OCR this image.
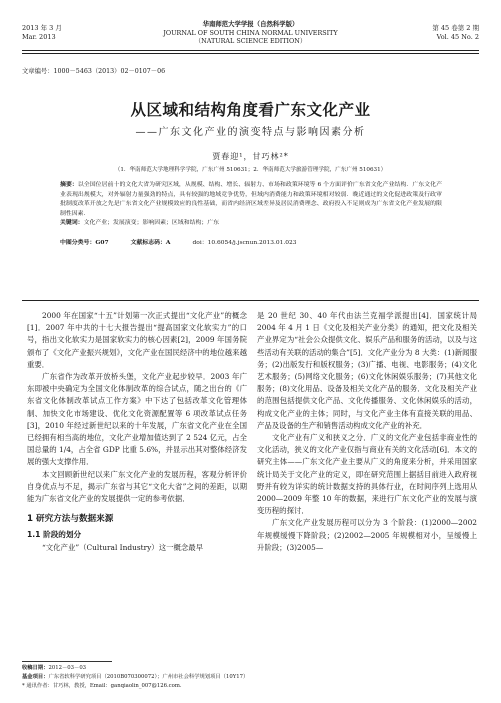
2013 年 3 月
Mar. 2013
华南师范大学学报（自然科学版）
JOURNAL OF SOUTH CHINA NORMAL UNIVERSITY
（NATURAL SCIENCE EDITION）
第 45 卷第 2 期
Vol. 45 No. 2
文章编号：1000－5463（2013）02－0107－06
从区域和结构角度看广东文化产业
——广东文化产业的演变特点与影响因素分析
贾春迎¹，甘巧林²*
（1．华南师范大学地理科学学院，广东广州 510631；2．华南师范大学旅游管理学院，广东广州 510631）
摘要：以全国位居前十的文化大省为研究区域，从规模、结构、增长、辐射力、市场和政策环境等 6 个方面评价广东省文化产业结构．广东文化产业表现出规模大，对外辐射力量强劲的特点，具有较强的地域竞争优势，但域内消费能力和政策环境相对较弱．晚近通过的文化促进政策及行政审批制度改革开放之先是广东省文化产业规模效应的良性基础，而省内经济区域差异及居民消费理念、政府投入不足则成为广东省文化产业发展的限制性因素．
关键词：文化产业；发展演变；影响因素；区域和结构；广东
中图分类号：G07	文献标志码：A	doi：10.6054/j.jscnun.2013.01.023

2000 年在国家“十五”计划第一次正式提出“文化产业”的概念[1]．2007 年中共的十七大报告提出“提高国家文化软实力”的口号，指出文化软实力是国家软实力的核心因素[2]，2009 年国务院颁布了《文化产业振兴规划》，文化产业在国民经济中的地位越来越重要．

广东省作为改革开放桥头堡，文化产业起步较早．2003 年广东即被中央确定为全国文化体制改革的综合试点，随之出台的《广东省文化体制改革试点工作方案》中下达了包括改革文化管理体制、加快文化市场建设、优化文化资源配置等 6 项改革试点任务[3]，2010 年经过新世纪以来的十年发展，广东省文化产业在全国已经拥有相当高的地位，文化产业增加值达到了 2 524 亿元，占全国总量的 1/4，占全省 GDP 比重 5.6%，并显示出其对整体经济发展的强大支撑作用．

本文回顾新世纪以来广东文化产业的发展历程，客观分析评价自身优点与不足，揭示广东省与其它“文化大省”之间的差距，以期能为广东省文化产业的发展提供一定的参考依据．

1 研究方法与数据来源

1.1 阶段的划分

“文化产业”（Cultural Industry）这一概念最早

是 20 世纪 30、40 年代由法兰克福学派提出[4]．国家统计局 2004 年 4 月 1 日《文化及相关产业分类》的通知，把文化及相关产业界定为“社会公众提供文化、娱乐产品和服务的活动，以及与这些活动有关联的活动的集合”[5]．文化产业分为 8 大类：(1)新闻服务；(2)出版发行和版权服务；(3)广播、电视、电影服务；(4)文化艺术服务；(5)网络文化服务；(6)文化休闲娱乐服务；(7)其他文化服务；(8)文化用品、设备及相关文化产品的服务．文化及相关产业的范围包括提供文化产品、文化传播服务、文化休闲娱乐的活动，构成文化产业的主体；同时，与文化产业主体有直接关联的用品、产品及设备的生产和销售活动构成文化产业的补充．

文化产业有广义和狭义之分．广义的文化产业包括非商业性的文化活动，狭义的文化产业仅指与商业有关的文化活动[6]．本文的研究主体——广东文化产业主要从广义的角度来分析，并采用国家统计局关于文化产业的定义，即在研究范围上据括目前进入政府视野并有较为详实的统计数据支持的具体行业，在时间序列上选用从 2000—2009 年整 10 年的数据，来进行广东文化产业的发展与演变历程的探讨．

广东文化产业发展历程可以分为 3 个阶段：(1)2000—2002 年规模缓慢下降阶段；(2)2002—2005 年规模相对小，呈缓慢上升阶段；(3)2005—

收稿日期：2012－03－03
基金项目：广东省软科学研究项目（2010B070300072）；广州市社会科学规划项目（10Y17）
* 通讯作者：甘巧林，教授，Email：ganqiaolin_007@126.com.
